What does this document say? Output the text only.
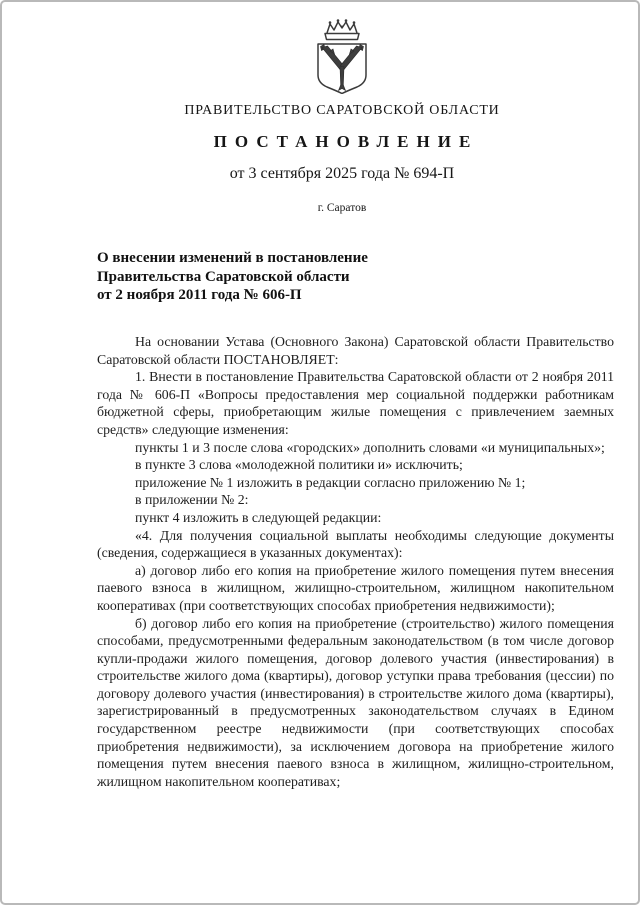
ПРАВИТЕЛЬСТВО САРАТОВСКОЙ ОБЛАСТИ
ПОСТАНОВЛЕНИЕ
от 3 сентября 2025 года № 694-П
г. Саратов
О внесении изменений в постановление
Правительства Саратовской области
от 2 ноября 2011 года № 606-П

На основании Устава (Основного Закона) Саратовской области Правительство Саратовской области ПОСТАНОВЛЯЕТ:

1. Внести в постановление Правительства Саратовской области от 2 ноября 2011 года № 606-П «Вопросы предоставления мер социальной поддержки работникам бюджетной сферы, приобретающим жилые помещения с привлечением заемных средств» следующие изменения:

пункты 1 и 3 после слова «городских» дополнить словами «и муниципальных»;

в пункте 3 слова «молодежной политики и» исключить;

приложение № 1 изложить в редакции согласно приложению № 1;

в приложении № 2:

пункт 4 изложить в следующей редакции:

«4. Для получения социальной выплаты необходимы следующие документы (сведения, содержащиеся в указанных документах):

а) договор либо его копия на приобретение жилого помещения путем внесения паевого взноса в жилищном, жилищно-строительном, жилищном накопительном кооперативах (при соответствующих способах приобретения недвижимости);

б) договор либо его копия на приобретение (строительство) жилого помещения способами, предусмотренными федеральным законодательством (в том числе договор купли-продажи жилого помещения, договор долевого участия (инвестирования) в строительстве жилого дома (квартиры), договор уступки права требования (цессии) по договору долевого участия (инвестирования) в строительстве жилого дома (квартиры), зарегистрированный в предусмотренных законодательством случаях в Едином государственном реестре недвижимости (при соответствующих способах приобретения недвижимости), за исключением договора на приобретение жилого помещения путем внесения паевого взноса в жилищном, жилищно-строительном, жилищном накопительном кооперативах;
